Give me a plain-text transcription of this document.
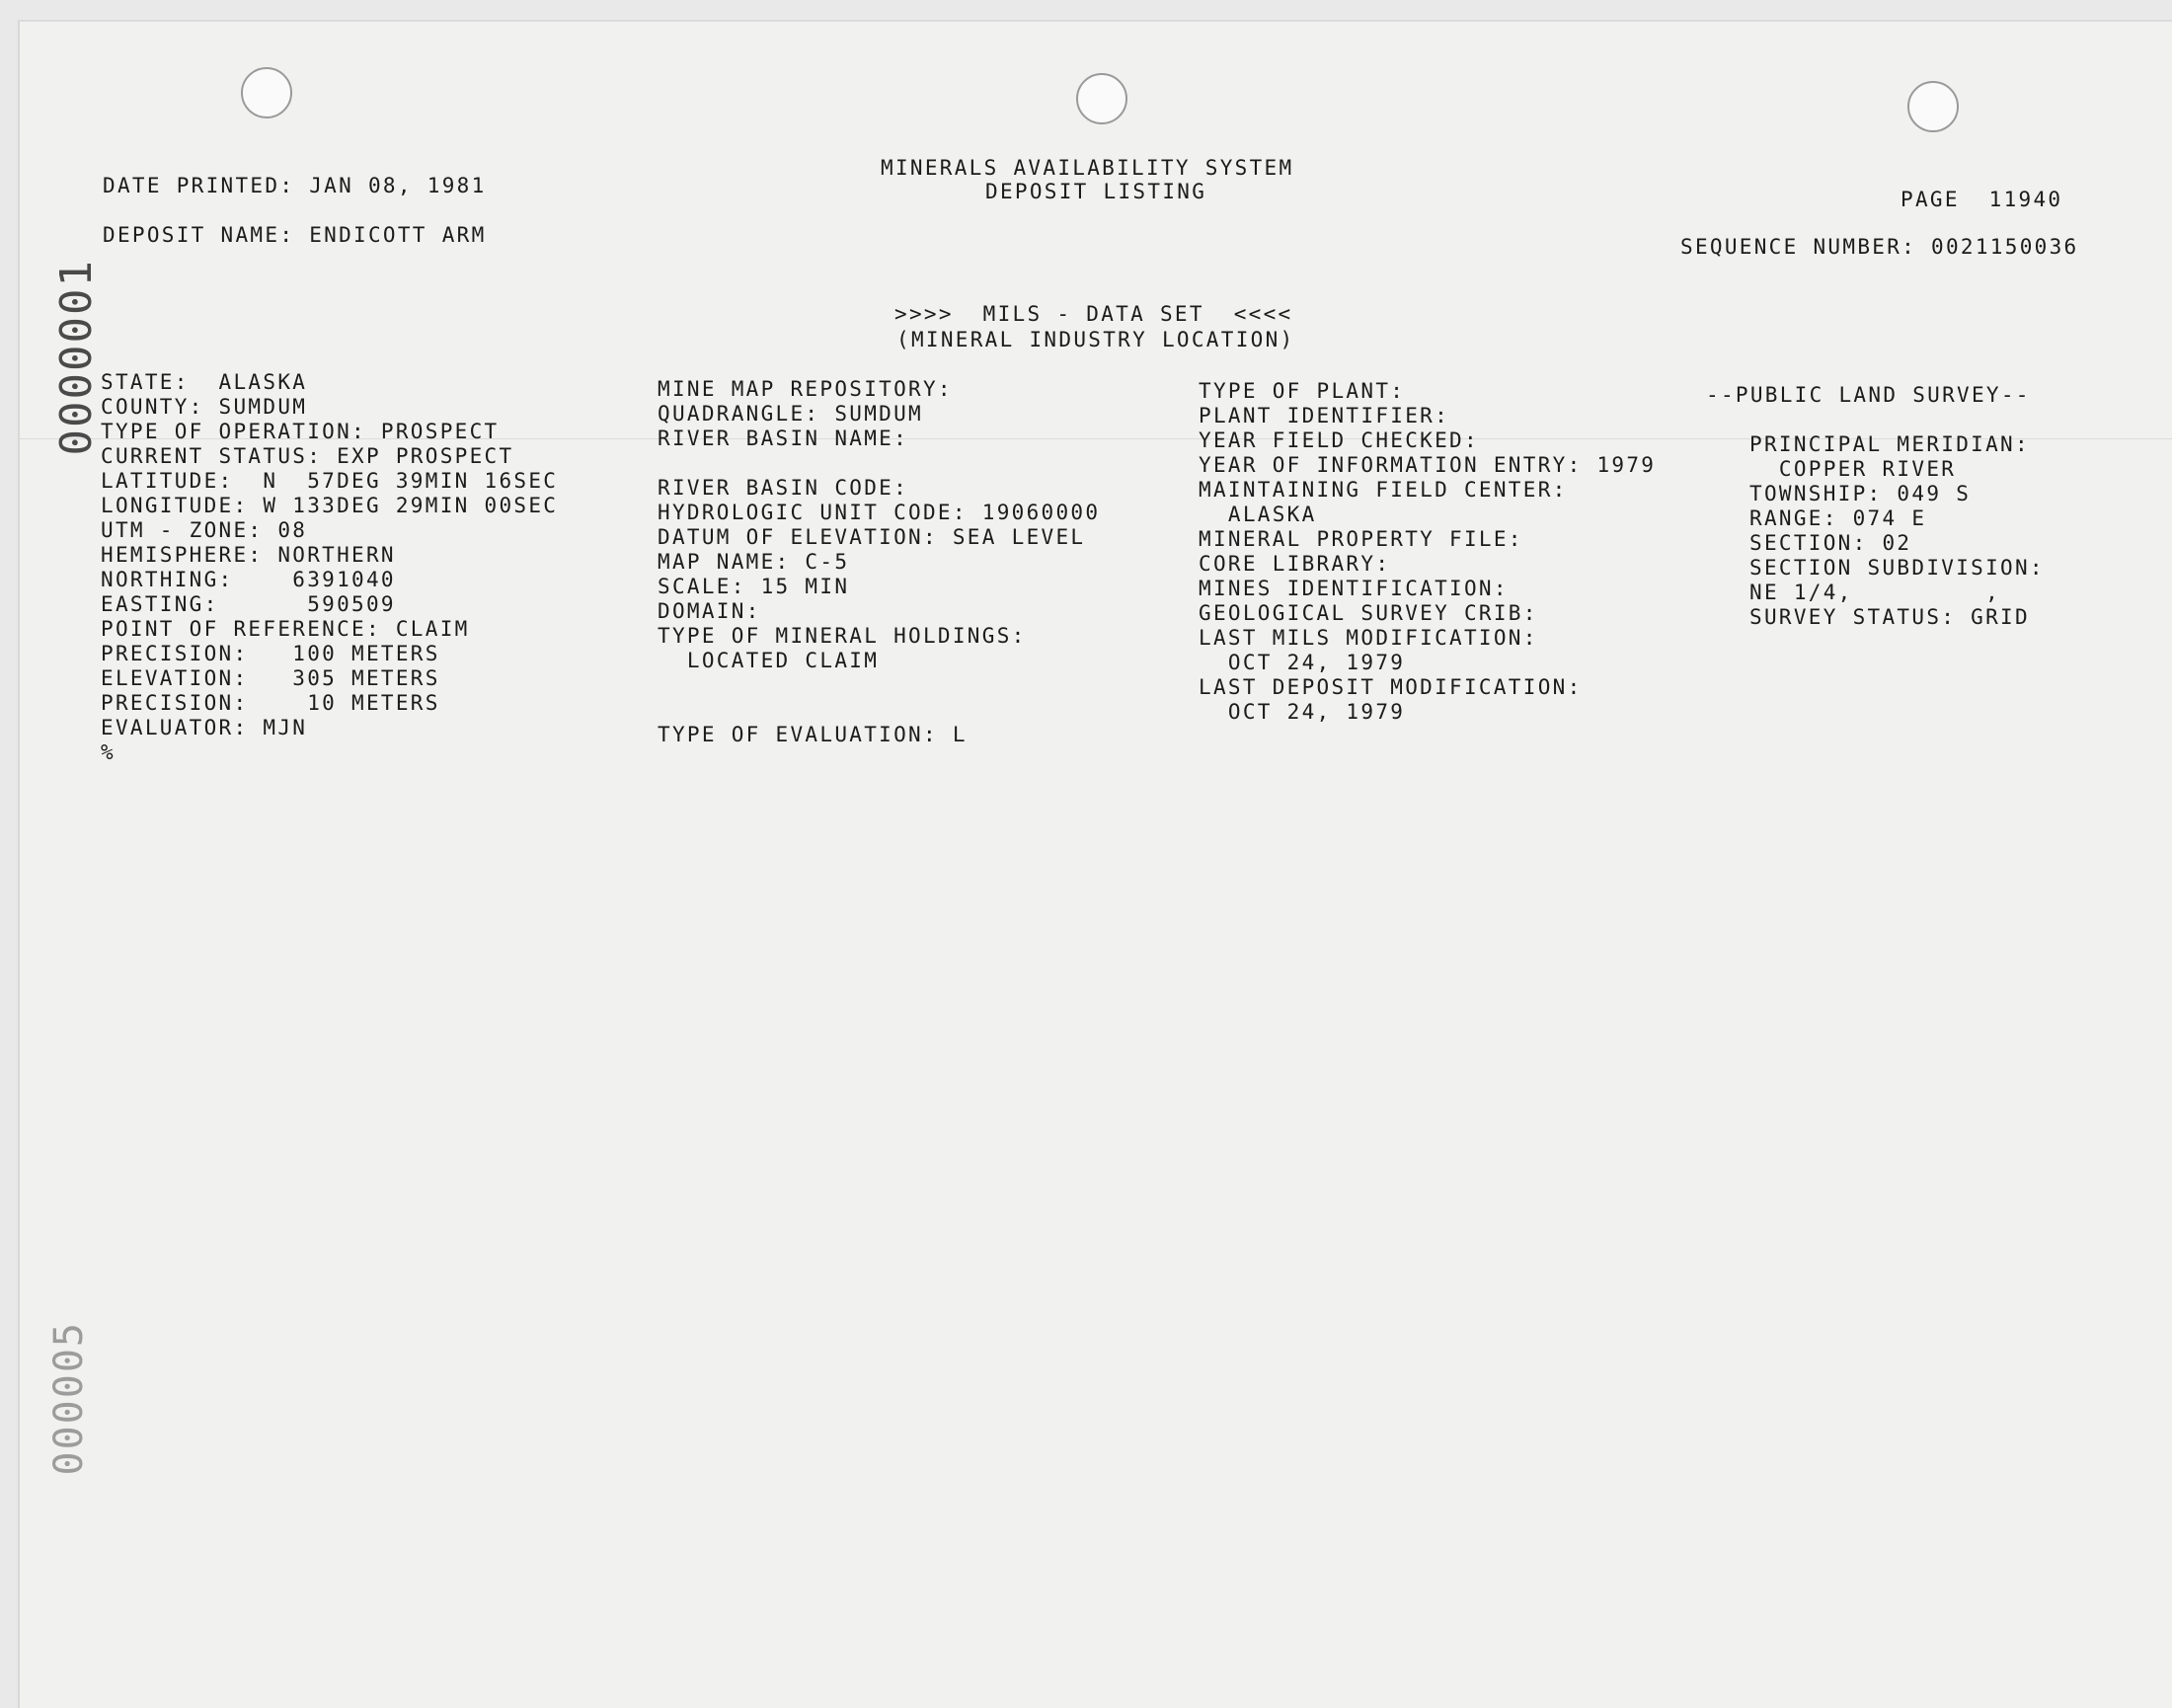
0000001
000005
DATE PRINTED: JAN 08, 1981
DEPOSIT NAME: ENDICOTT ARM
MINERALS AVAILABILITY SYSTEM
DEPOSIT LISTING	PAGE  11940
SEQUENCE NUMBER: 0021150036
>>>>  MILS - DATA SET  <<<<
(MINERAL INDUSTRY LOCATION)
STATE:  ALASKA
COUNTY: SUMDUM
TYPE OF OPERATION: PROSPECT
CURRENT STATUS: EXP PROSPECT
LATITUDE:  N  57DEG 39MIN 16SEC
LONGITUDE: W 133DEG 29MIN 00SEC
UTM - ZONE: 08
HEMISPHERE: NORTHERN
NORTHING:    6391040
EASTING:      590509
POINT OF REFERENCE: CLAIM
PRECISION:   100 METERS
ELEVATION:   305 METERS
PRECISION:    10 METERS
EVALUATOR: MJN
%
MINE MAP REPOSITORY:
QUADRANGLE: SUMDUM
RIVER BASIN NAME:
RIVER BASIN CODE:
HYDROLOGIC UNIT CODE: 19060000
DATUM OF ELEVATION: SEA LEVEL
MAP NAME: C-5
SCALE: 15 MIN
DOMAIN:
TYPE OF MINERAL HOLDINGS:
LOCATED CLAIM
TYPE OF EVALUATION: L
TYPE OF PLANT:
PLANT IDENTIFIER:
YEAR FIELD CHECKED:
YEAR OF INFORMATION ENTRY: 1979
MAINTAINING FIELD CENTER:
ALASKA
MINERAL PROPERTY FILE:
CORE LIBRARY:
MINES IDENTIFICATION:
GEOLOGICAL SURVEY CRIB:
LAST MILS MODIFICATION:
OCT 24, 1979
LAST DEPOSIT MODIFICATION:
OCT 24, 1979
--PUBLIC LAND SURVEY--
PRINCIPAL MERIDIAN:
COPPER RIVER
TOWNSHIP: 049 S
RANGE: 074 E
SECTION: 02
SECTION SUBDIVISION:
NE 1/4,         ,
SURVEY STATUS: GRID
